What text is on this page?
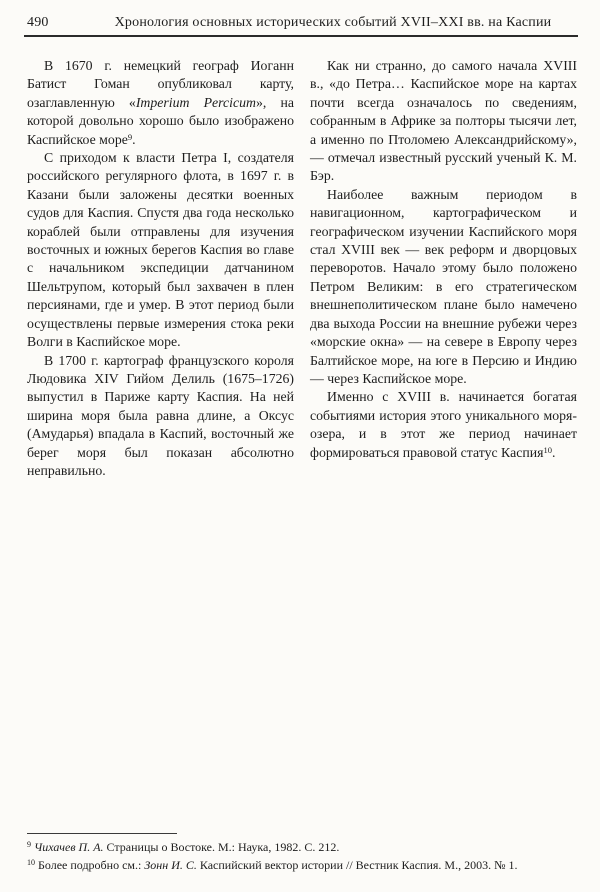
490	Хронология основных исторических событий XVII–XXI вв. на Каспии

В 1670 г. немецкий географ Иоганн Батист Гоман опубликовал карту, озаглавленную «Imperium Percicum», на которой довольно хорошо было изображено Каспийское море$^9$.

С приходом к власти Петра I, создателя российского регулярного флота, в 1697 г. в Казани были заложены десятки военных судов для Каспия. Спустя два года несколько кораблей были отправлены для изучения восточных и южных берегов Каспия во главе с начальником экспедиции датчанином Шельтрупом, который был захвачен в плен персиянами, где и умер. В этот период были осуществлены первые измерения стока реки Волги в Каспийское море.

В 1700 г. картограф французского короля Людовика XIV Гийом Делиль (1675–1726) выпустил в Париже карту Каспия. На ней ширина моря была равна длине, а Оксус (Амударья) впадала в Каспий, восточный же берег моря был показан абсолютно неправильно.

Как ни странно, до самого начала XVIII в., «до Петра… Каспийское море на картах почти всегда означалось по сведениям, собранным в Африке за полторы тысячи лет, а именно по Птоломею Александрийскому», — отмечал известный русский ученый К. М. Бэр.

Наиболее важным периодом в навигационном, картографическом и географическом изучении Каспийского моря стал XVIII век — век реформ и дворцовых переворотов. Начало этому было положено Петром Великим: в его стратегическом внешнеполитическом плане было намечено два выхода России на внешние рубежи через «морские окна» — на севере в Европу через Балтийское море, на юге в Персию и Индию — через Каспийское море.

Именно с XVIII в. начинается богатая событиями история этого уникального моря-озера, и в этот же период начинает формироваться правовой статус Каспия$^{10}$.

$^9$ Чихачев П. А. Страницы о Востоке. М.: Наука, 1982. С. 212.

$^{10}$ Более подробно см.: Зонн И. С. Каспийский вектор истории // Вестник Каспия. М., 2003. № 1.
